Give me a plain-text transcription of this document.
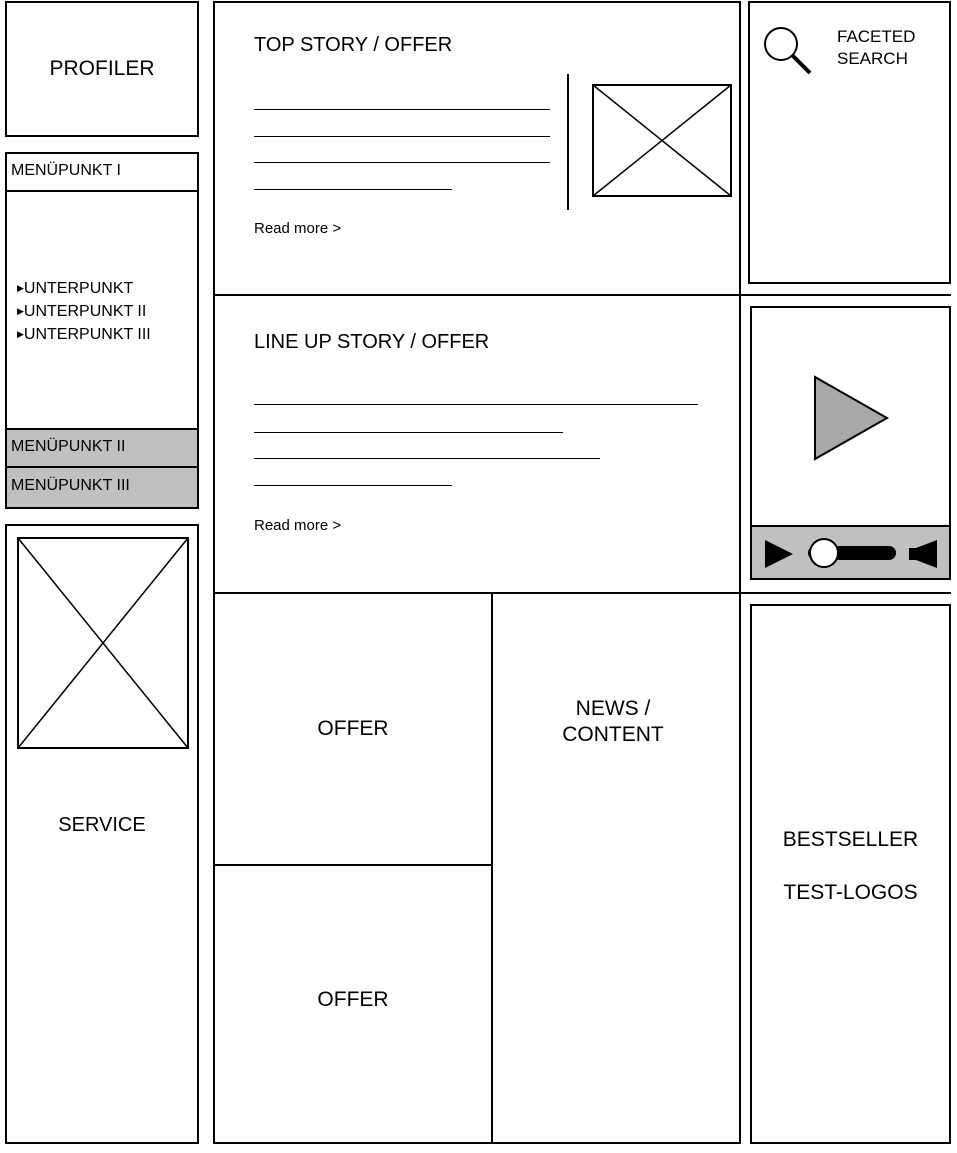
PROFILER
MENÜPUNKT I
▶UNTERPUNKT
▶UNTERPUNKT II
▶UNTERPUNKT III
MENÜPUNKT II
MENÜPUNKT III
SERVICE
TOP STORY / OFFER
Read more >
LINE UP STORY / OFFER
Read more >
OFFER
OFFER
NEWS /
CONTENT
FACETED
SEARCH
BESTSELLER
TEST-LOGOS
